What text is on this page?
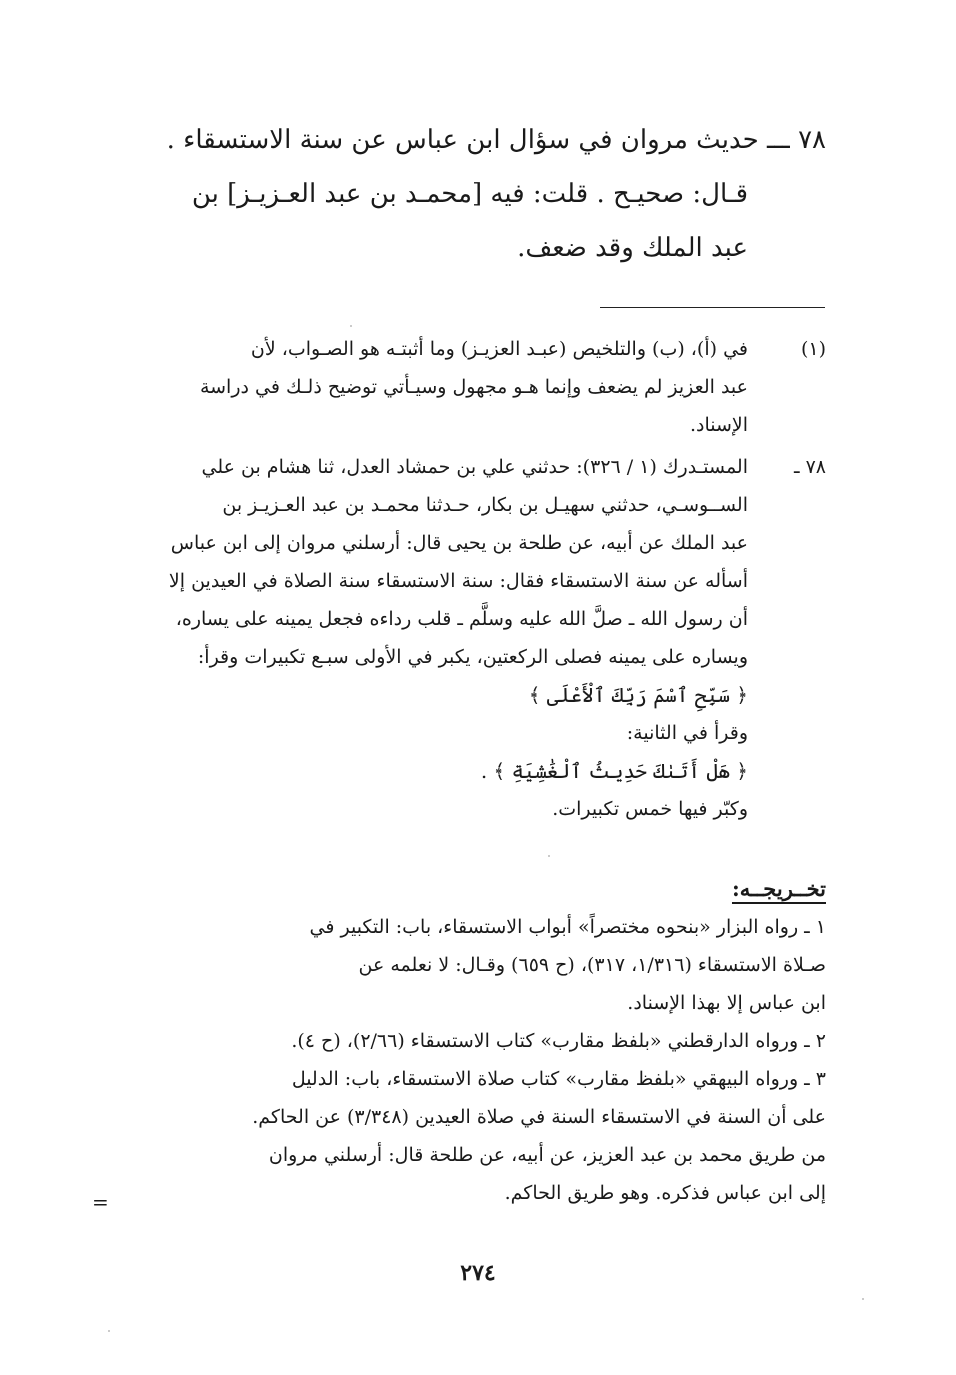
٧٨ ـــ حديث مروان في سؤال ابن عباس عن سنة الاستسقاء .
قـال: صحيـح . قلت: فيه [محمـد بن عبد العـزيـز] بن
عبد الملك وقد ضعف.
(١)
في (أ)، (ب) والتلخيص (عبـد العزيـز) وما أثبتـه هو الصـواب، لأن
عبد العزيز لم يضعف وإنما هـو مجهول وسيـأتي توضيح ذلـك في دراسة
الإسناد.
٧٨ ـ
المستـدرك (١ / ٣٢٦): حدثني علي بن حمشاد العدل، ثنا هشام بن علي
الســوسـي، حدثني سهيـل بن بكار، حـدثنا محمـد بن عبد العـزيـز بن
عبد الملك عن أبيه، عن طلحة بن يحيى قال: أرسلني مروان إلى ابن عباس
أسأله عن سنة الاستسقاء فقال: سنة الاستسقاء سنة الصلاة في العيدين إلا
أن رسول الله ـ صلَّ الله عليه وسلَّم ـ قلب رداءه فجعل يمينه على يساره،
ويساره على يمينه فصلى الركعتين، يكبر في الأولى سبـع تكبيرات وقرأ:
﴿ سَبِّحِ ٱسْمَ رَبِّكَ ٱلْأَعْلَى ﴾
وقرأ في الثانية:
﴿ هَلْ أَتَىٰكَ حَدِيثُ ٱلْغَٰشِيَةِ ﴾ .
وكبّر فيها خمس تكبيرات.
تخــريجــه:
١ ـ رواه البزار «بنحوه مختصراً» أبواب الاستسقاء، باب: التكبير في
صـلاة الاستسقاء (١/٣١٦، ٣١٧)، (ح ٦٥٩) وقـال: لا نعلمه عن
ابن عباس إلا بهذا الإسناد.
٢ ـ ورواه الدارقطني «بلفظ مقارب» كتاب الاستسقاء (٢/٦٦)، (ح ٤).
٣ ـ ورواه البيهقي «بلفظ مقارب» كتاب صلاة الاستسقاء، باب: الدليل
على أن السنة في الاستسقاء السنة في صلاة العيدين (٣/٣٤٨) عن الحاكم.
من طريق محمد بن عبد العزيز، عن أبيه، عن طلحة قال: أرسلني مروان
إلى ابن عباس فذكره. وهو طريق الحاكم.
=
٢٧٤
